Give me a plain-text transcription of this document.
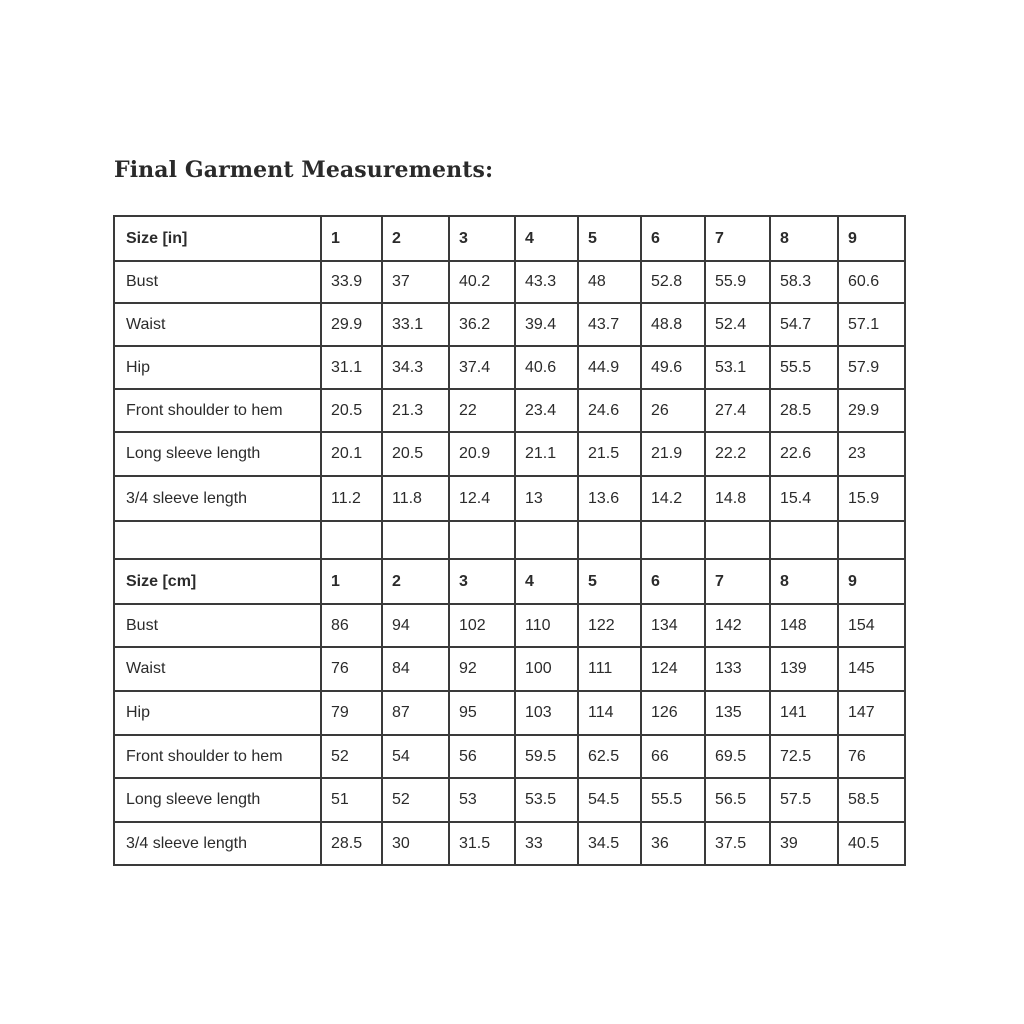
Final Garment Measurements:
Size [in]	1	2	3	4	5	6	7	8	9
Bust	33.9	37	40.2	43.3	48	52.8	55.9	58.3	60.6
Waist	29.9	33.1	36.2	39.4	43.7	48.8	52.4	54.7	57.1
Hip	31.1	34.3	37.4	40.6	44.9	49.6	53.1	55.5	57.9
Front shoulder to hem	20.5	21.3	22	23.4	24.6	26	27.4	28.5	29.9
Long sleeve length	20.1	20.5	20.9	21.1	21.5	21.9	22.2	22.6	23
3/4 sleeve length	11.2	11.8	12.4	13	13.6	14.2	14.8	15.4	15.9

Size [cm]	1	2	3	4	5	6	7	8	9
Bust	86	94	102	110	122	134	142	148	154
Waist	76	84	92	100	111	124	133	139	145
Hip	79	87	95	103	114	126	135	141	147
Front shoulder to hem	52	54	56	59.5	62.5	66	69.5	72.5	76
Long sleeve length	51	52	53	53.5	54.5	55.5	56.5	57.5	58.5
3/4 sleeve length	28.5	30	31.5	33	34.5	36	37.5	39	40.5
